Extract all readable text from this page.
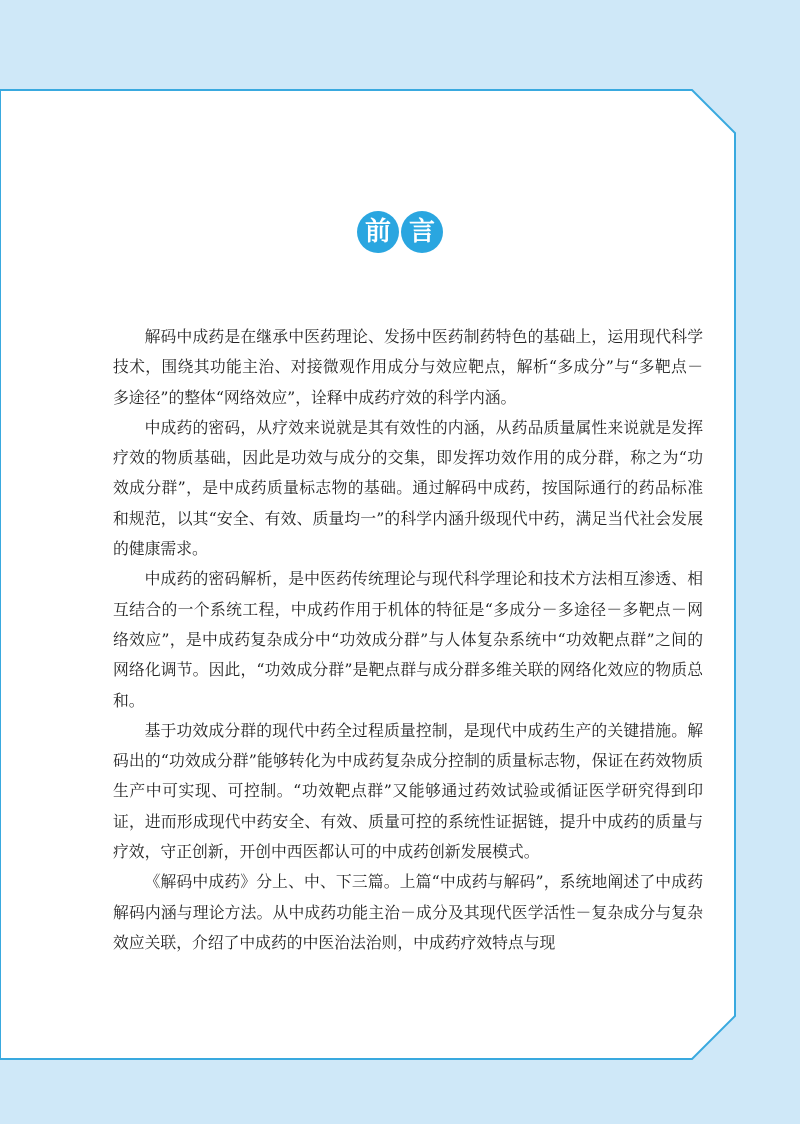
前 言

解码中成药是在继承中医药理论、发扬中医药制药特色的基础上，运用现代科学技术，围绕其功能主治、对接微观作用成分与效应靶点，解析“多成分”与“多靶点－多途径”的整体“网络效应”，诠释中成药疗效的科学内涵。

中成药的密码，从疗效来说就是其有效性的内涵，从药品质量属性来说就是发挥疗效的物质基础，因此是功效与成分的交集，即发挥功效作用的成分群，称之为“功效成分群”，是中成药质量标志物的基础。通过解码中成药，按国际通行的药品标准和规范，以其“安全、有效、质量均一”的科学内涵升级现代中药，满足当代社会发展的健康需求。

中成药的密码解析，是中医药传统理论与现代科学理论和技术方法相互渗透、相互结合的一个系统工程，中成药作用于机体的特征是“多成分－多途径－多靶点－网络效应”，是中成药复杂成分中“功效成分群”与人体复杂系统中“功效靶点群”之间的网络化调节。因此，“功效成分群”是靶点群与成分群多维关联的网络化效应的物质总和。

基于功效成分群的现代中药全过程质量控制，是现代中成药生产的关键措施。解码出的“功效成分群”能够转化为中成药复杂成分控制的质量标志物，保证在药效物质生产中可实现、可控制。“功效靶点群”又能够通过药效试验或循证医学研究得到印证，进而形成现代中药安全、有效、质量可控的系统性证据链，提升中成药的质量与疗效，守正创新，开创中西医都认可的中成药创新发展模式。

《解码中成药》分上、中、下三篇。上篇“中成药与解码”，系统地阐述了中成药解码内涵与理论方法。从中成药功能主治－成分及其现代医学活性－复杂成分与复杂效应关联，介绍了中成药的中医治法治则，中成药疗效特点与现
